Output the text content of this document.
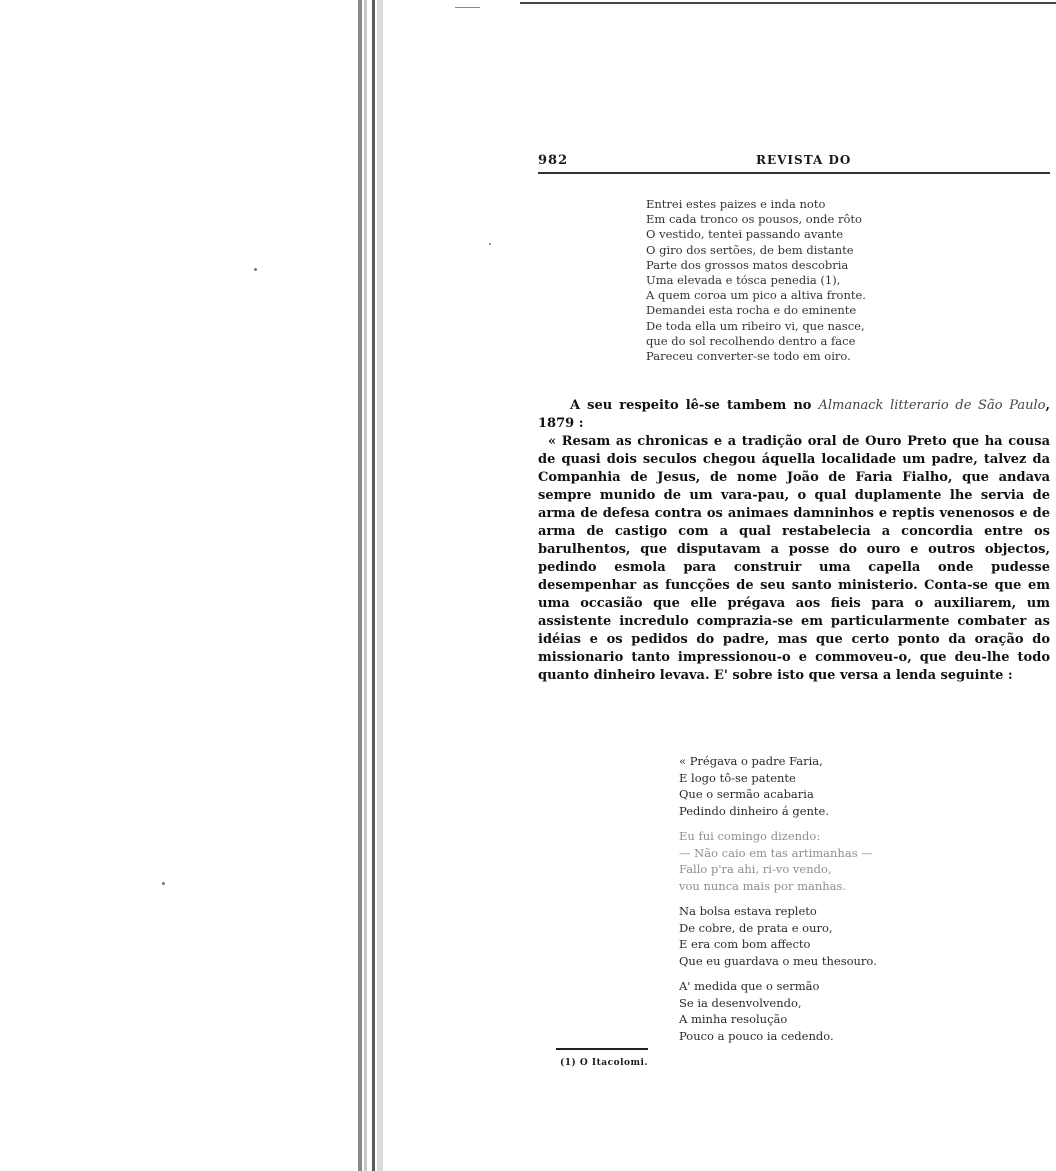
982	REVISTA DO
Entrei estes paizes e inda noto
Em cada tronco os pousos, onde rôto
O vestido, tentei passando avante
O giro dos sertões, de bem distante
Parte dos grossos matos descobria
Uma elevada e tósca penedia (1),
A quem coroa um pico a altiva fronte.
Demandei esta rocha e do eminente
De toda ella um ribeiro vi, que nasce,
que do sol recolhendo dentro a face
Pareceu converter-se todo em oiro.

A seu respeito lê-se tambem no Almanack litterario de São Paulo, 1879 :

« Resam as chronicas e a tradição oral de Ouro Preto que ha cousa de quasi dois seculos chegou áquella localidade um padre, talvez da Companhia de Jesus, de nome João de Faria Fialho, que andava sempre munido de um vara-pau, o qual duplamente lhe servia de arma de defesa contra os animaes damninhos e reptis venenosos e de arma de castigo com a qual restabelecia a concordia entre os barulhentos, que disputavam a posse do ouro e outros objectos, pedindo esmola para construir uma capella onde pudesse desempenhar as funcções de seu santo ministerio. Conta-se que em uma occasião que elle prégava aos fieis para o auxiliarem, um assistente incredulo comprazia-se em particularmente combater as idéias e os pedidos do padre, mas que certo ponto da oração do missionario tanto impressionou-o e commoveu-o, que deu-lhe todo quanto dinheiro levava. E' sobre isto que versa a lenda seguinte :

« Prégava o padre Faria,
E logo tô-se patente
Que o sermão acabaria
Pedindo dinheiro á gente.
Eu fui comingo dizendo:
— Não caio em tas artimanhas —
Fallo p'ra ahi, ri-vo vendo,
vou nunca mais por manhas.
Na bolsa estava repleto
De cobre, de prata e ouro,
E era com bom affecto
Que eu guardava o meu thesouro.
A' medida que o sermão
Se ia desenvolvendo,
A minha resolução
Pouco a pouco ia cedendo.
(1) O Itacolomi.
